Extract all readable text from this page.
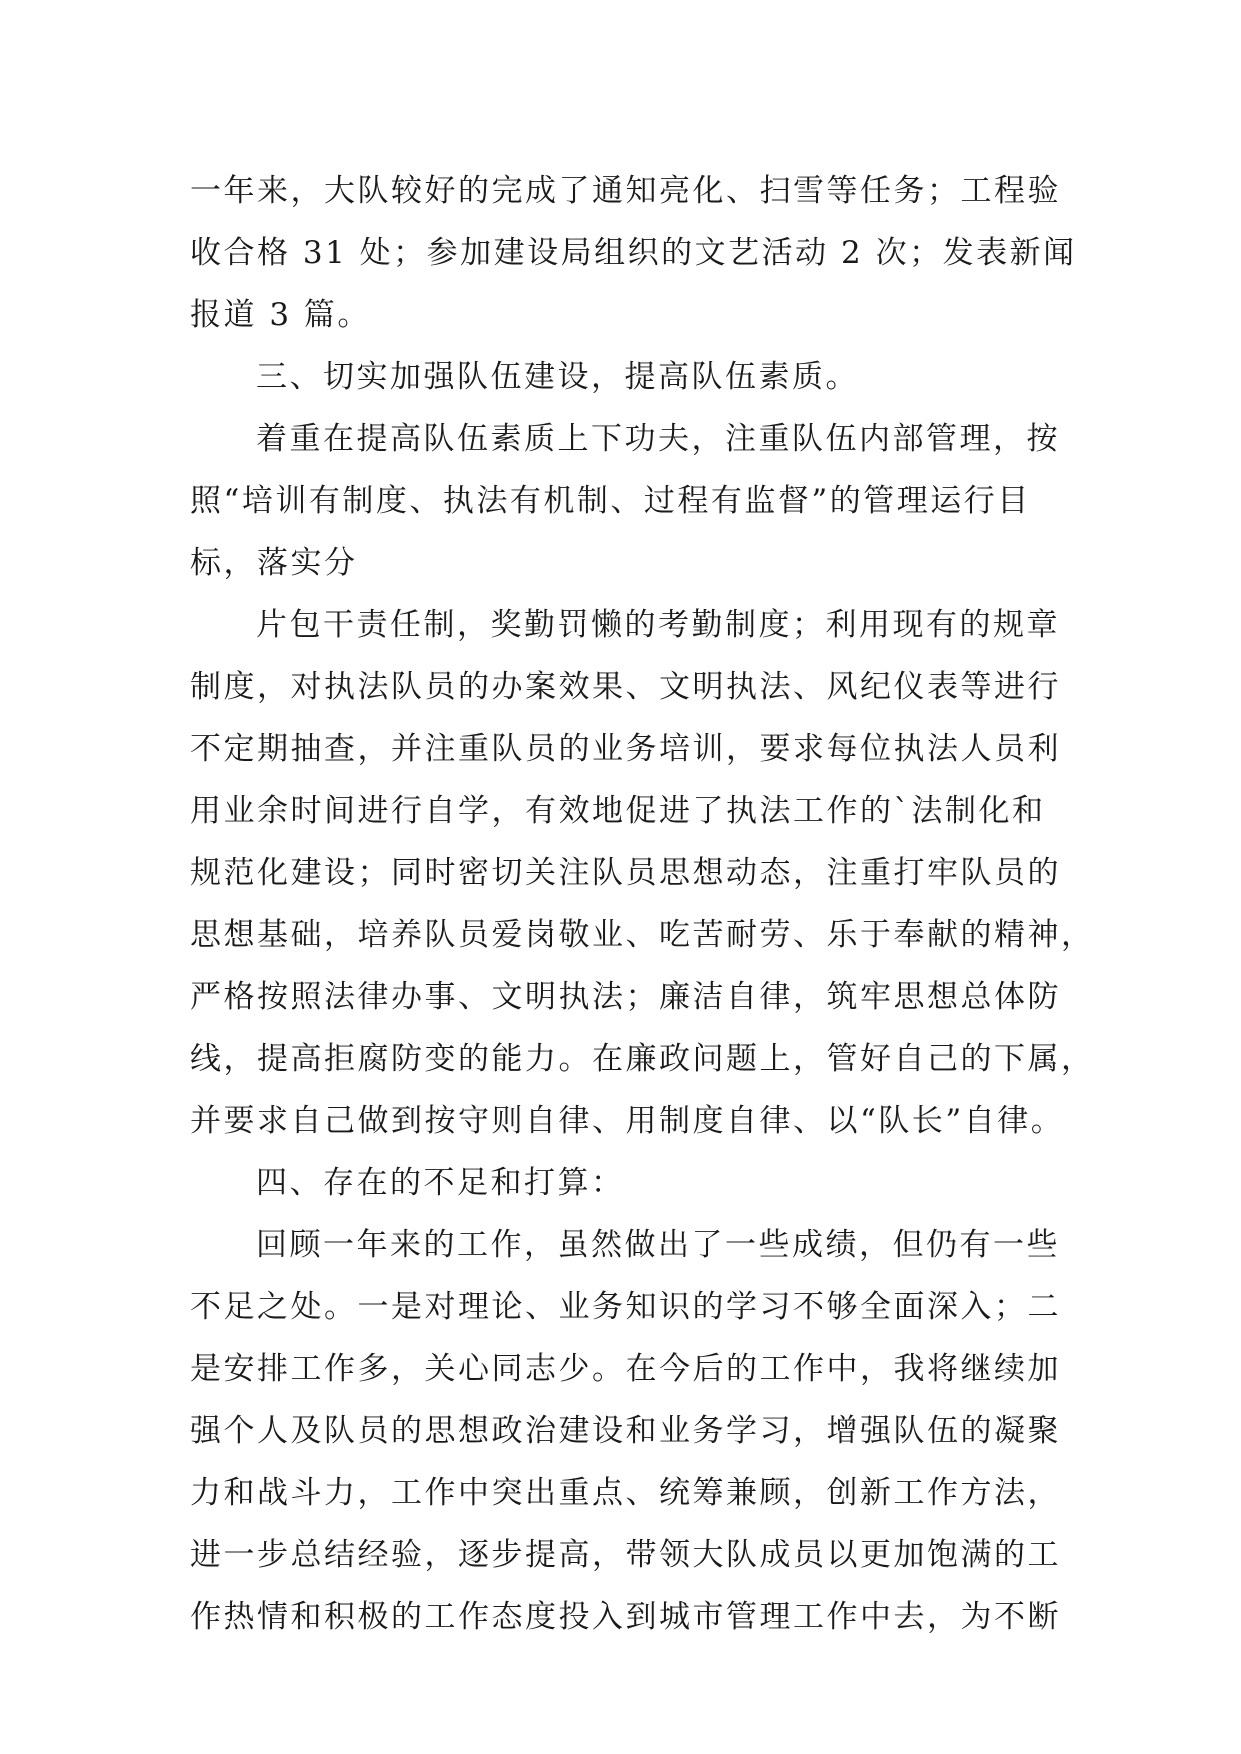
一年来，大队较好的完成了通知亮化、扫雪等任务；工程验
收合格 31 处；参加建设局组织的文艺活动 2 次；发表新闻
报道 3 篇。
三、切实加强队伍建设，提高队伍素质。
着重在提高队伍素质上下功夫，注重队伍内部管理，按
照“培训有制度、执法有机制、过程有监督”的管理运行目
标，落实分
片包干责任制，奖勤罚懒的考勤制度；利用现有的规章
制度，对执法队员的办案效果、文明执法、风纪仪表等进行
不定期抽查，并注重队员的业务培训，要求每位执法人员利
用业余时间进行自学，有效地促进了执法工作的`法制化和
规范化建设；同时密切关注队员思想动态，注重打牢队员的
思想基础，培养队员爱岗敬业、吃苦耐劳、乐于奉献的精神，
严格按照法律办事、文明执法；廉洁自律，筑牢思想总体防
线，提高拒腐防变的能力。在廉政问题上，管好自己的下属，
并要求自己做到按守则自律、用制度自律、以“队长”自律。
四、存在的不足和打算：
回顾一年来的工作，虽然做出了一些成绩，但仍有一些
不足之处。一是对理论、业务知识的学习不够全面深入；二
是安排工作多，关心同志少。在今后的工作中，我将继续加
强个人及队员的思想政治建设和业务学习，增强队伍的凝聚
力和战斗力，工作中突出重点、统筹兼顾，创新工作方法，
进一步总结经验，逐步提高，带领大队成员以更加饱满的工
作热情和积极的工作态度投入到城市管理工作中去，为不断
